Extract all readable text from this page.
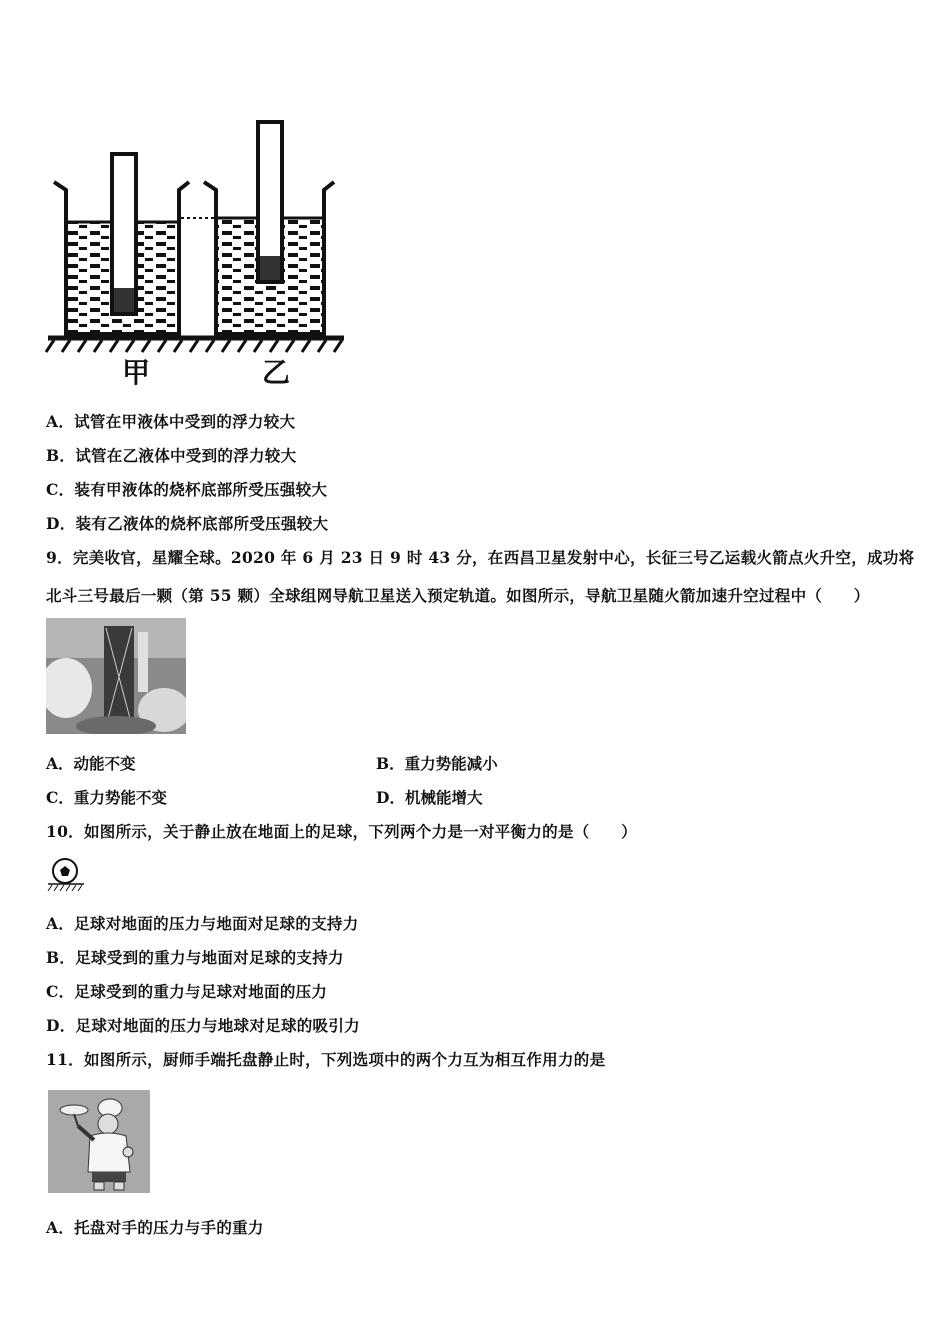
甲	乙
A．试管在甲液体中受到的浮力较大
B．试管在乙液体中受到的浮力较大
C．装有甲液体的烧杯底部所受压强较大
D．装有乙液体的烧杯底部所受压强较大
9．完美收官，星耀全球。2020 年 6 月 23 日 9 时 43 分，在西昌卫星发射中心，长征三号乙运载火箭点火升空，成功将
北斗三号最后一颗（第 55 颗）全球组网导航卫星送入预定轨道。如图所示，导航卫星随火箭加速升空过程中（　　）
A．动能不变	B．重力势能减小
C．重力势能不变	D．机械能增大
10．如图所示，关于静止放在地面上的足球，下列两个力是一对平衡力的是（　　）
A．足球对地面的压力与地面对足球的支持力
B．足球受到的重力与地面对足球的支持力
C．足球受到的重力与足球对地面的压力
D．足球对地面的压力与地球对足球的吸引力
11．如图所示，厨师手端托盘静止时，下列选项中的两个力互为相互作用力的是
A．托盘对手的压力与手的重力
